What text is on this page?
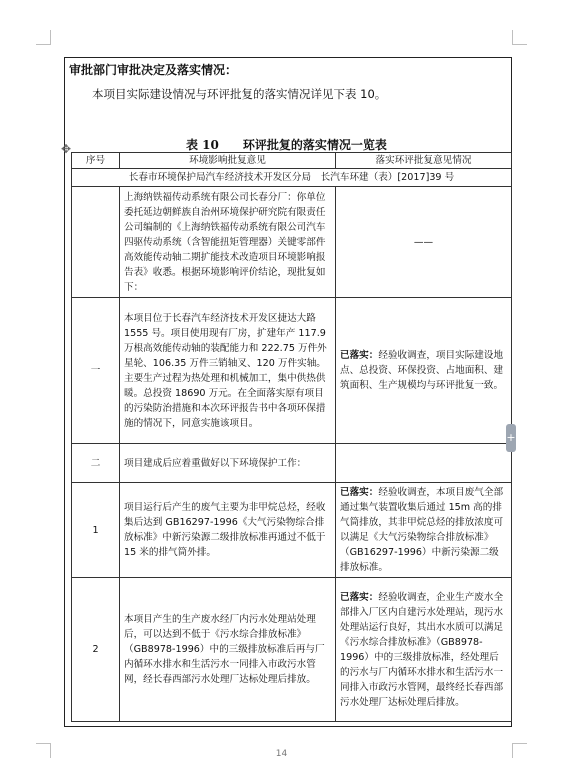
审批部门审批决定及落实情况：
本项目实际建设情况与环评批复的落实情况详见下表 10。
✥	表 10　　环评批复的落实情况一览表
序号	环境影响批复意见	落实环评批复意见情况
长春市环境保护局汽车经济技术开发区分局　长汽车环建（表）[2017]39 号		
	上海纳铁福传动系统有限公司长春分厂：你单位委托延边朝鲜族自治州环境保护研究院有限责任公司编制的《上海纳铁福传动系统有限公司汽车四驱传动系统（含智能扭矩管理器）关键零部件高效能传动轴二期扩能技术改造项目环境影响报告表》收悉。根据环境影响评价结论，现批复如下：	——
一	本项目位于长春汽车经济技术开发区捷达大路 1555 号。项目使用现有厂房，扩建年产 117.9 万根高效能传动轴的装配能力和 222.75 万件外星轮、106.35 万件三销轴叉、120 万件实轴。主要生产过程为热处理和机械加工，集中供热供暖。总投资 18690 万元。在全面落实原有项目的污染防治措施和本次环评报告书中各项环保措施的情况下，同意实施该项目。	已落实：经验收调查，项目实际建设地点、总投资、环保投资、占地面积、建筑面积、生产规模均与环评批复一致。
二	项目建成后应着重做好以下环境保护工作：	
1	项目运行后产生的废气主要为非甲烷总烃，经收集后达到 GB16297-1996《大气污染物综合排放标准》中新污染源二级排放标准再通过不低于 15 米的排气筒外排。	已落实：经验收调查，本项目废气全部通过集气装置收集后通过 15m 高的排气筒排放，其非甲烷总烃的排放浓度可以满足《大气污染物综合排放标准》（GB16297-1996）中新污染源二级排放标准。
2	本项目产生的生产废水经厂内污水处理站处理后，可以达到不低于《污水综合排放标准》（GB8978-1996）中的三级排放标准后再与厂内循环水排水和生活污水一同排入市政污水管网，经长春西部污水处理厂达标处理后排放。	已落实：经验收调查，企业生产废水全部排入厂区内自建污水处理站，现污水处理站运行良好，其出水水质可以满足《污水综合排放标准》（GB8978-1996）中的三级排放标准，经处理后的污水与厂内循环水排水和生活污水一同排入市政污水管网，最终经长春西部污水处理厂达标处理后排放。
+
14
